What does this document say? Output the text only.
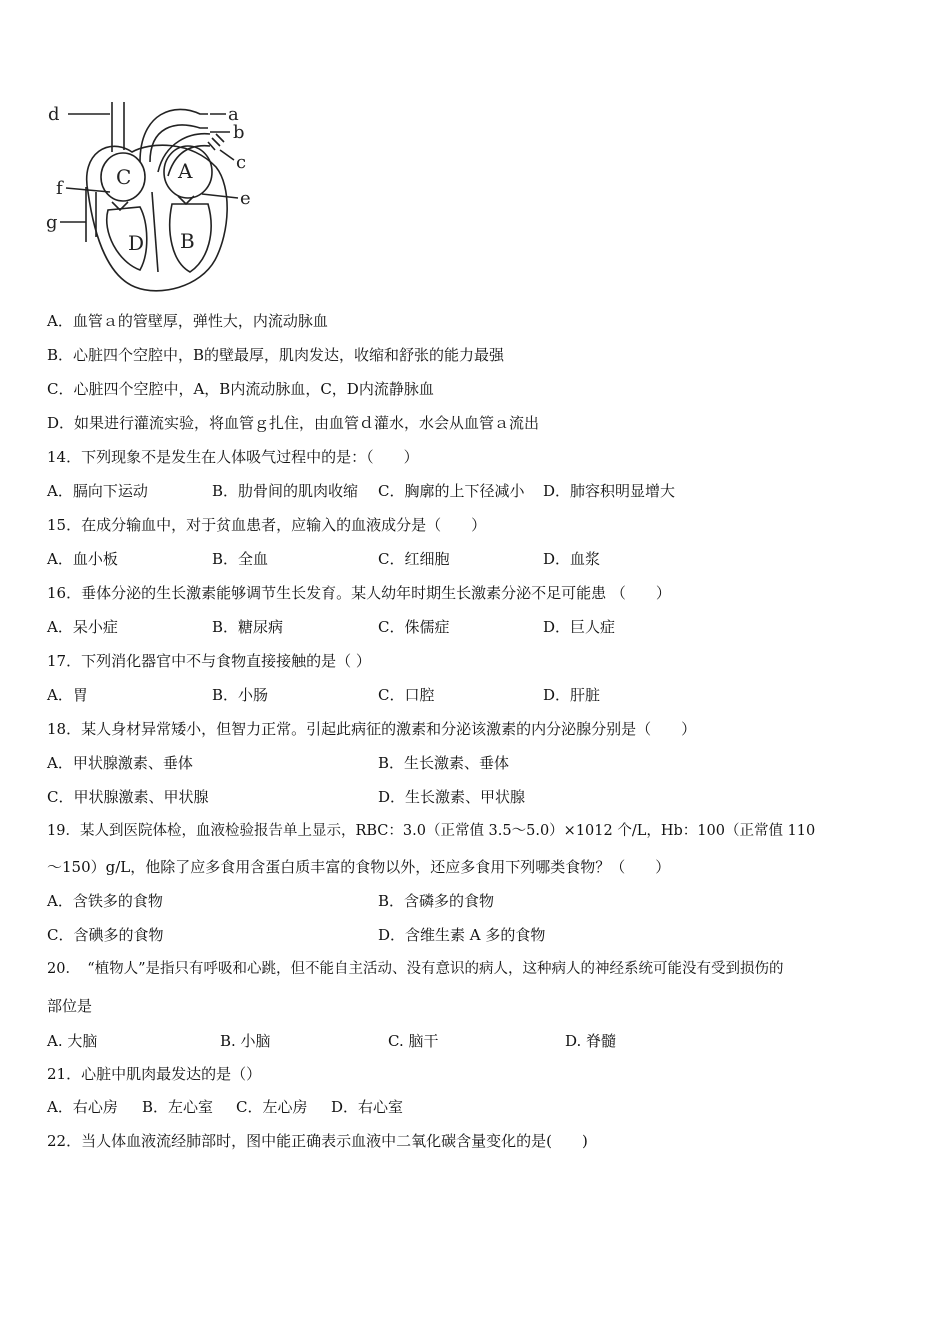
a
b
c
d
e
f
g
A
B
C
D
A．血管ａ的管壁厚，弹性大，内流动脉血
B．心脏四个空腔中，B的壁最厚，肌肉发达，收缩和舒张的能力最强
C．心脏四个空腔中，A，B内流动脉血，C，D内流静脉血
D．如果进行灌流实验，将血管ｇ扎住，由血管ｄ灌水，水会从血管ａ流出
14．下列现象不是发生在人体吸气过程中的是：（　　）
A．膈向下运动	B．肋骨间的肌肉收缩 C．胸廓的上下径减小 D．肺容积明显增大
15．在成分输血中，对于贫血患者，应输入的血液成分是（　　）
A．血小板	B．全血	C．红细胞	D．血浆
16．垂体分泌的生长激素能够调节生长发育。某人幼年时期生长激素分泌不足可能患 （　　）
A．呆小症	B．糖尿病	C．侏儒症	D．巨人症
17．下列消化器官中不与食物直接接触的是（ ）
A．胃	B．小肠	C．口腔	D．肝脏
18．某人身材异常矮小，但智力正常。引起此病征的激素和分泌该激素的内分泌腺分别是（　　）
A．甲状腺激素、垂体	B．生长激素、垂体
C．甲状腺激素、甲状腺	D．生长激素、甲状腺
19．某人到医院体检，血液检验报告单上显示，RBC：3.0（正常值 3.5～5.0）×1012 个/L，Hb：100（正常值 110
～150）g/L，他除了应多食用含蛋白质丰富的食物以外，还应多食用下列哪类食物？（　　）
A．含铁多的食物	B．含磷多的食物
C．含碘多的食物	D．含维生素 A 多的食物
20．　“植物人”是指只有呼吸和心跳，但不能自主活动、没有意识的病人，这种病人的神经系统可能没有受到损伤的
部位是
A. 大脑	B. 小脑	C. 脑干	D. 脊髓
21．心脏中肌肉最发达的是（）
A．右心房 B．左心室 C．左心房 D．右心室
22．当人体血液流经肺部时，图中能正确表示血液中二氧化碳含量变化的是(　　)
